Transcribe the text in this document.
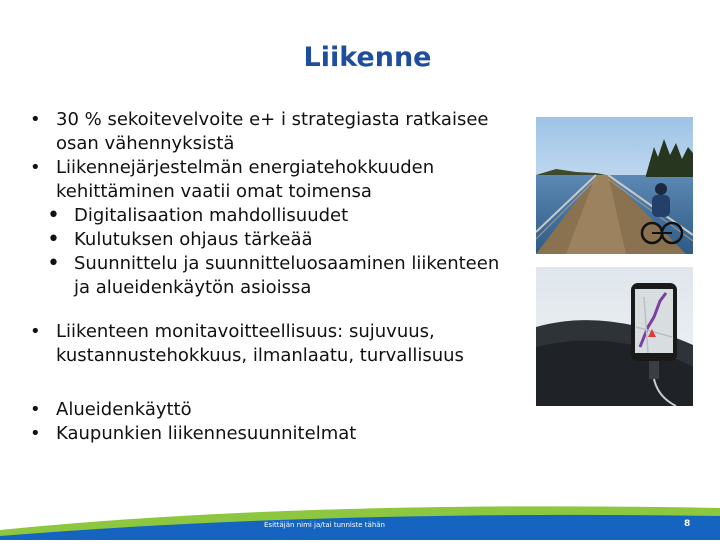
Liikenne

• 30 % sekoitevelvoite e+ i strategiasta ratkaisee osan vähennyksistä

• Liikennejärjestelmän energiatehokkuuden kehittäminen vaatii omat toimensa

• Digitalisaation mahdollisuudet

• Kulutuksen ohjaus tärkeää

• Suunnittelu ja suunnitteluosaaminen liikenteen ja alueidenkäytön asioissa

• Liikenteen monitavoitteellisuus: sujuvuus, kustannustehokkuus, ilmanlaatu, turvallisuus

• Alueidenkäyttö

• Kaupunkien liikennesuunnitelmat

Esittäjän nimi ja/tai tunniste tähän	8
